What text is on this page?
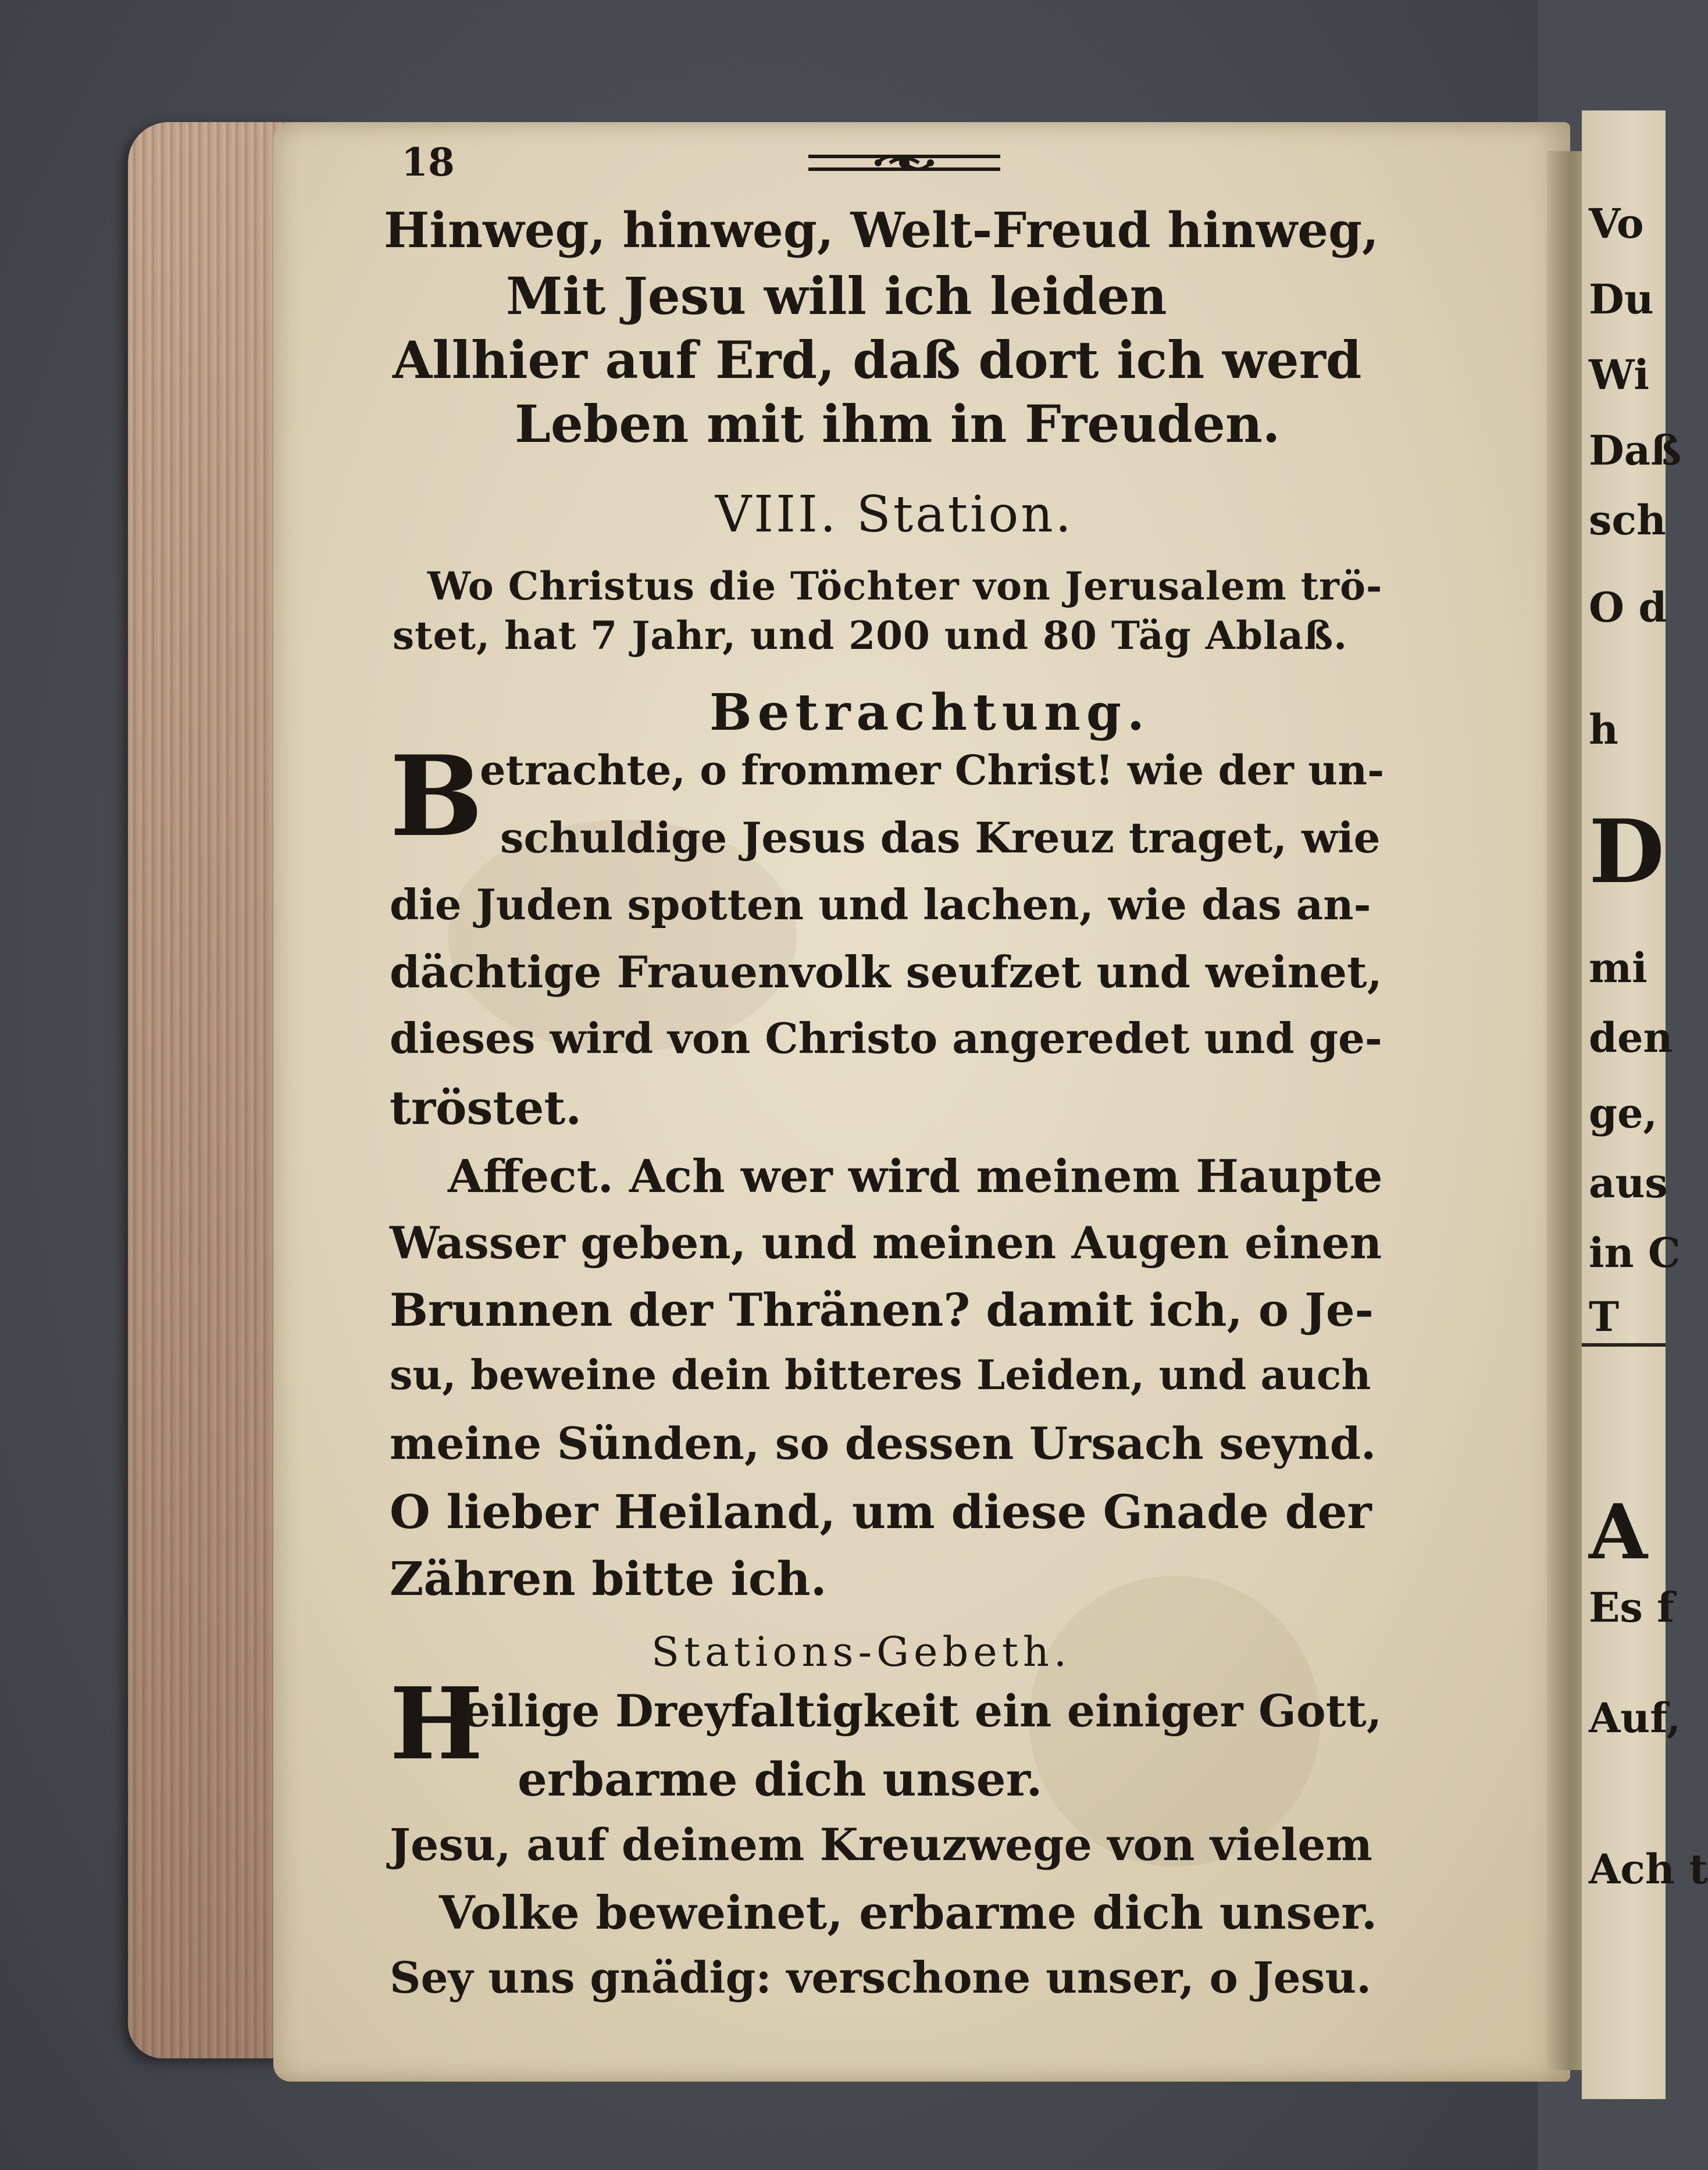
Vo
Du
Wi
Daß
sch
O d
h
D
mi
den
ge,
aus
in C
T
A
Es f
Auf,
Ach t
18
Hinweg, hinweg, Welt-Freud hinweg,
Mit Jesu will ich leiden
Allhier auf Erd, daß dort ich werd
Leben mit ihm in Freuden.
VIII. Station.
Wo Christus die Töchter von Jerusalem trö-
stet, hat 7 Jahr, und 200 und 80 Täg Ablaß.
Betrachtung.
B
etrachte, o frommer Christ! wie der un-
schuldige Jesus das Kreuz traget, wie
die Juden spotten und lachen, wie das an-
dächtige Frauenvolk seufzet und weinet,
dieses wird von Christo angeredet und ge-
tröstet.
Affect. Ach wer wird meinem Haupte
Wasser geben, und meinen Augen einen
Brunnen der Thränen? damit ich, o Je-
su, beweine dein bitteres Leiden, und auch
meine Sünden, so dessen Ursach seynd.
O lieber Heiland, um diese Gnade der
Zähren bitte ich.
Stations-Gebeth.
H
eilige Dreyfaltigkeit ein einiger Gott,
erbarme dich unser.
Jesu, auf deinem Kreuzwege von vielem
Volke beweinet, erbarme dich unser.
Sey uns gnädig: verschone unser, o Jesu.
